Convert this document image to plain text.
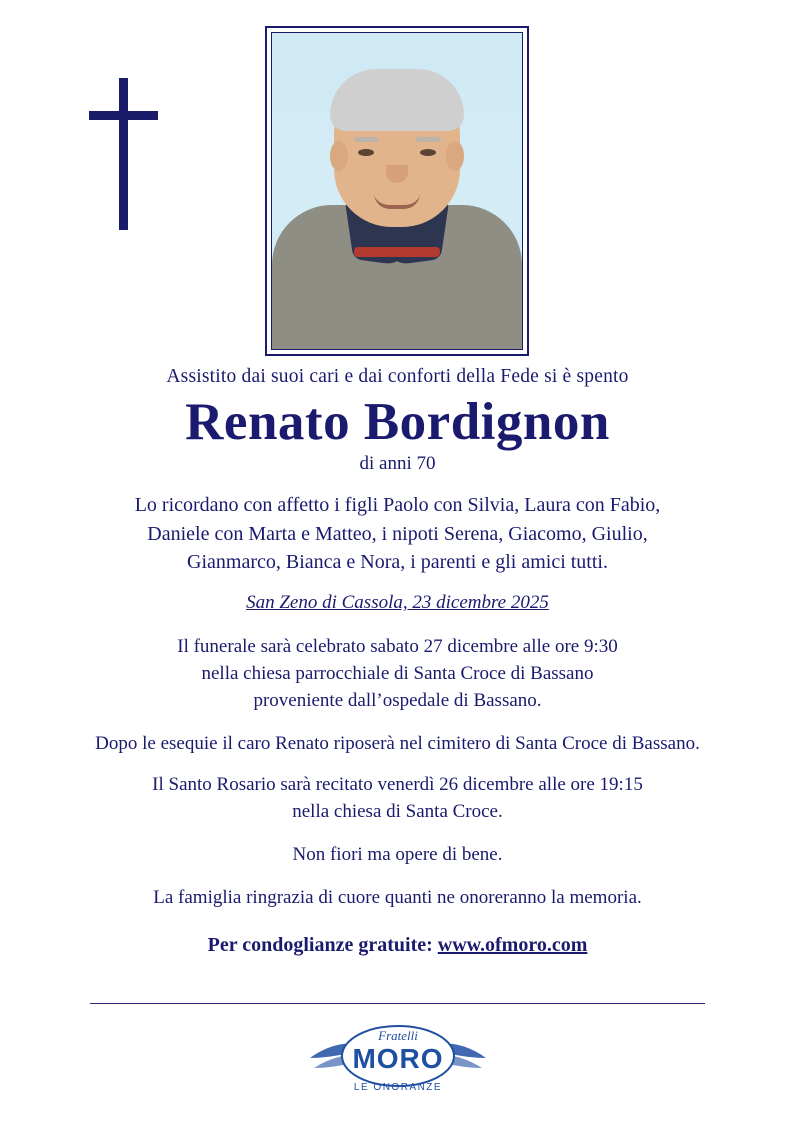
Assistito dai suoi cari e dai conforti della Fede si è spento

Renato Bordignon

di anni 70

Lo ricordano con affetto i figli Paolo con Silvia, Laura con Fabio,
Daniele con Marta e Matteo, i nipoti Serena, Giacomo, Giulio,
Gianmarco, Bianca e Nora, i parenti e gli amici tutti.

San Zeno di Cassola, 23 dicembre 2025

Il funerale sarà celebrato sabato 27 dicembre alle ore 9:30
nella chiesa parrocchiale di Santa Croce di Bassano
proveniente dall’ospedale di Bassano.

Dopo le esequie il caro Renato riposerà nel cimitero di Santa Croce di Bassano.

Il Santo Rosario sarà recitato venerdì 26 dicembre alle ore 19:15
nella chiesa di Santa Croce.

Non fiori ma opere di bene.

La famiglia ringrazia di cuore quanti ne onoreranno la memoria.

Per condoglianze gratuite: www.ofmoro.com

Fratelli
MORO
LE ONORANZE
